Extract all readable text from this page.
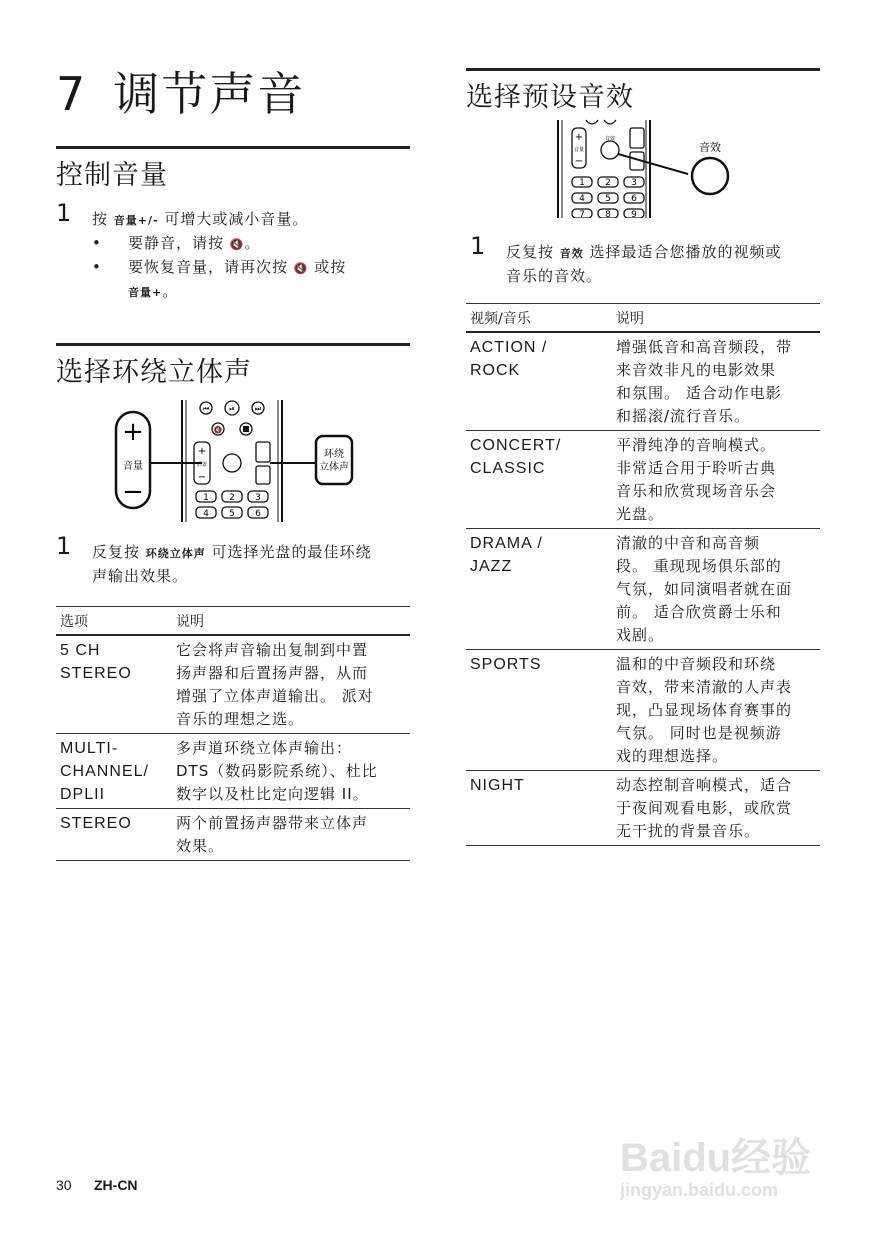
7 调节声音
控制音量
1 按 音量+/- 可增大或减小音量。
• 要静音，请按 🔇。
• 要恢复音量，请再次按 🔇 或按
音量+。
选择环绕立体声
+
音量
−
⏮	⏯	⏭
🔇
+
后置
−
1 2 3
4 5 6
环绕
立体声
1 反复按 环绕立体声 可选择光盘的最佳环绕
声输出效果。
选项	说明
5 CH
STEREO	它会将声音输出复制到中置
扬声器和后置扬声器，从而
增强了立体声道输出。 派对
音乐的理想之选。
MULTI-
CHANNEL/
DPLII	多声道环绕立体声输出：
DTS（数码影院系统）、杜比
数字以及杜比定向逻辑 II。
STEREO	两个前置扬声器带来立体声
效果。
选择预设音效
+
音量
−
音效
1 2 3
4 5 6
7 8 9
音效
1 反复按 音效 选择最适合您播放的视频或
音乐的音效。
视频/音乐	说明
ACTION /
ROCK	增强低音和高音频段，带
来音效非凡的电影效果
和氛围。 适合动作电影
和摇滚/流行音乐。
CONCERT/
CLASSIC	平滑纯净的音响模式。
非常适合用于聆听古典
音乐和欣赏现场音乐会
光盘。
DRAMA /
JAZZ	清澈的中音和高音频
段。 重现现场俱乐部的
气氛，如同演唱者就在面
前。 适合欣赏爵士乐和
戏剧。
SPORTS	温和的中音频段和环绕
音效，带来清澈的人声表
现，凸显现场体育赛事的
气氛。 同时也是视频游
戏的理想选择。
NIGHT	动态控制音响模式，适合
于夜间观看电影，或欣赏
无干扰的背景音乐。
30 ZH-CN
Baidu经验
jingyan.baidu.com
